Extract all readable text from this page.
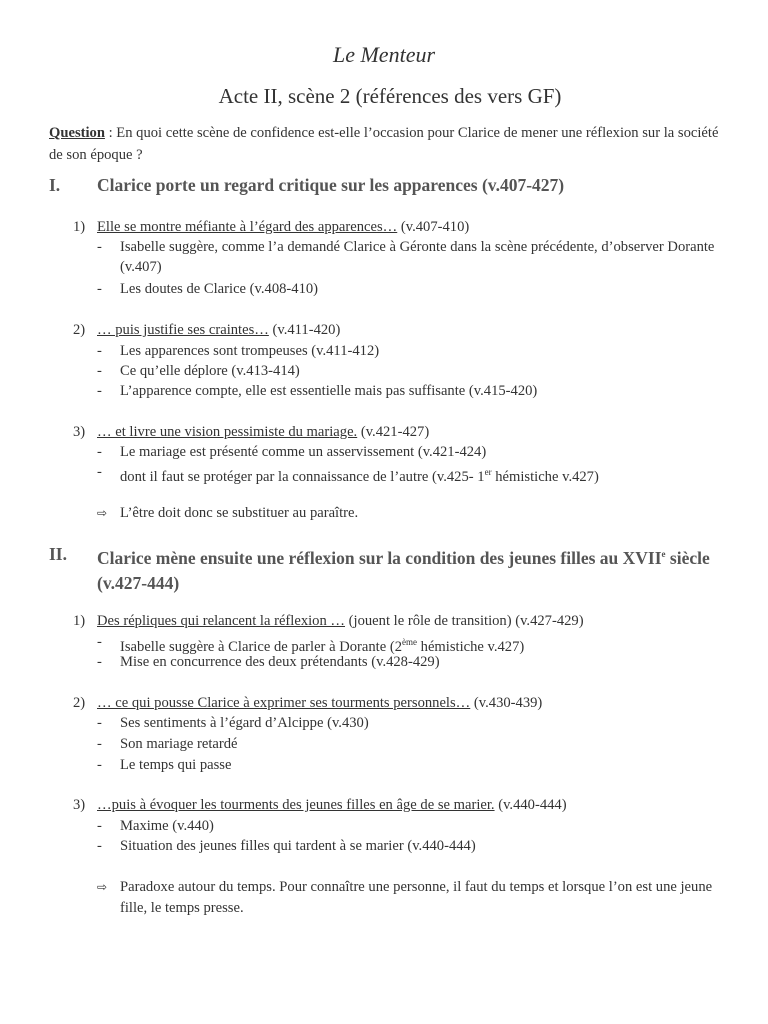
Le Menteur
Acte II, scène 2 (références des vers GF)
Question : En quoi cette scène de confidence est-elle l’occasion pour Clarice de mener une réflexion sur la société de son époque ?
I. Clarice porte un regard critique sur les apparences (v.407-427)
1) Elle se montre méfiante à l’égard des apparences… (v.407-410)
- Isabelle suggère, comme l’a demandé Clarice à Géronte dans la scène précédente, d’observer Dorante (v.407)
- Les doutes de Clarice (v.408-410)
2) … puis justifie ses craintes… (v.411-420)
- Les apparences sont trompeuses (v.411-412)
- Ce qu’elle déplore (v.413-414)
- L’apparence compte, elle est essentielle mais pas suffisante (v.415-420)
3) … et livre une vision pessimiste du mariage. (v.421-427)
- Le mariage est présenté comme un asservissement (v.421-424)
- dont il faut se protéger par la connaissance de l’autre (v.425- 1er hémistiche v.427)
⇨ L’être doit donc se substituer au paraître.
II. Clarice mène ensuite une réflexion sur la condition des jeunes filles au XVIIe siècle (v.427-444)
1) Des répliques qui relancent la réflexion … (jouent le rôle de transition) (v.427-429)
- Isabelle suggère à Clarice de parler à Dorante (2ème hémistiche v.427)
- Mise en concurrence des deux prétendants (v.428-429)
2) … ce qui pousse Clarice à exprimer ses tourments personnels… (v.430-439)
- Ses sentiments à l’égard d’Alcippe (v.430)
- Son mariage retardé
- Le temps qui passe
3) …puis à évoquer les tourments des jeunes filles en âge de se marier. (v.440-444)
- Maxime (v.440)
- Situation des jeunes filles qui tardent à se marier (v.440-444)
⇨ Paradoxe autour du temps. Pour connaître une personne, il faut du temps et lorsque l’on est une jeune fille, le temps presse.
